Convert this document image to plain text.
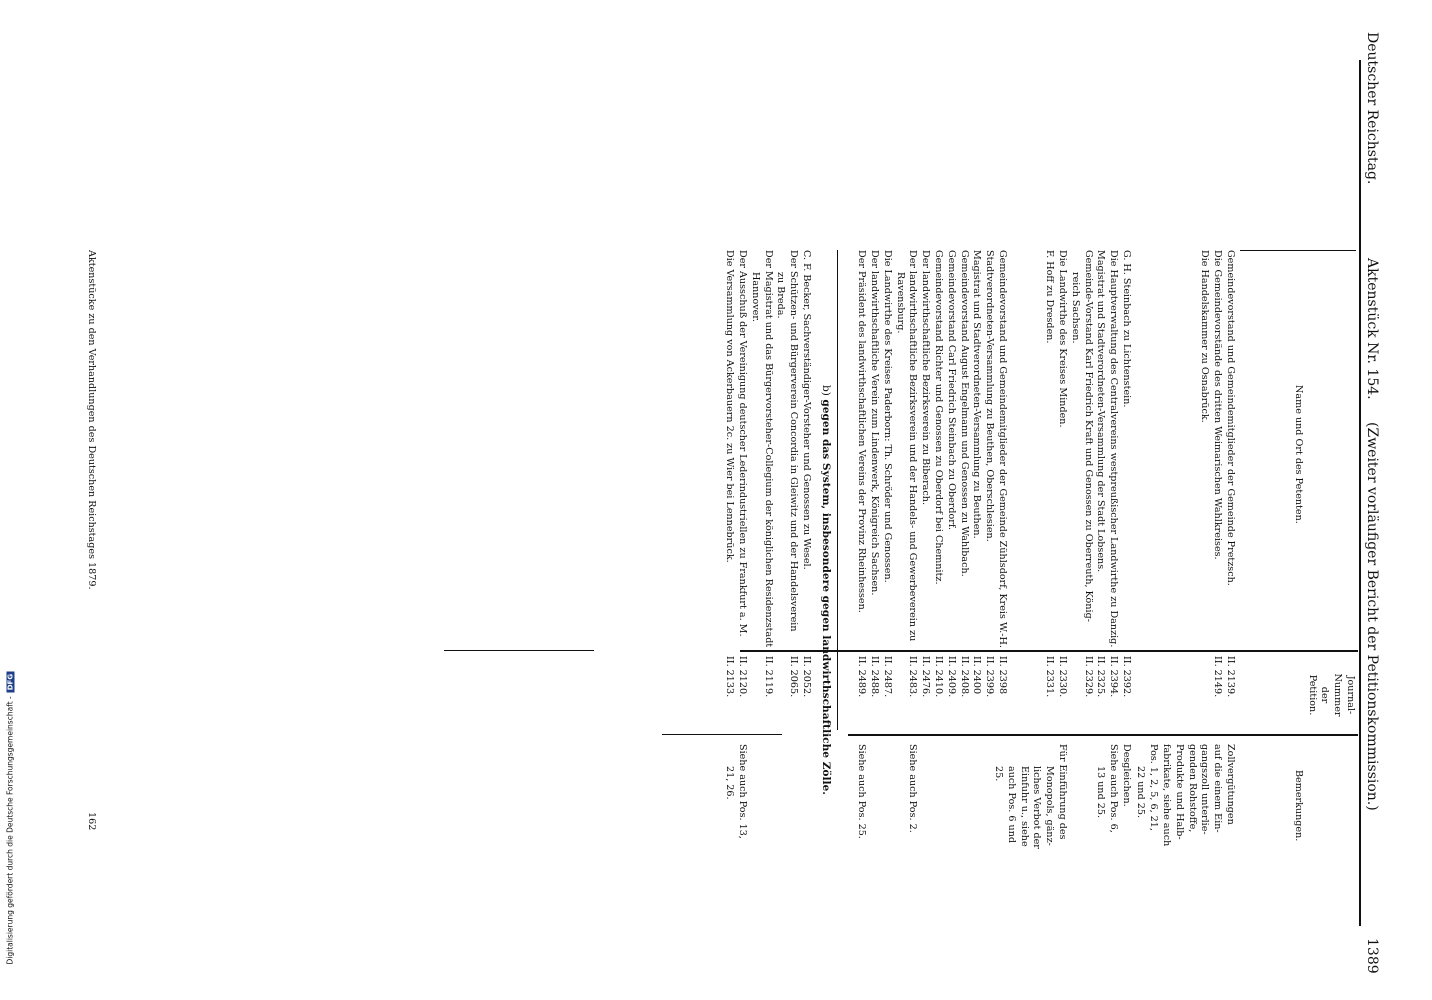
Deutscher Reichstag.
Aktenstück Nr. 154.
(Zweiter vorläufiger Bericht der Petitionskommission.)
1389
Name und Ort des Petenten.
Journal-
Nummer
der
Petition.
Bemerkungen.
Gemeindevorstand und Gemeindemitglieder der Gemeinde Pretzsch.
Die Gemeindevorstände des dritten Weimarischen Wahlkreises.
Die Handelskammer zu Osnabrück.
II. 2139.
II. 2149.
Zollvergütungen
auf die einem Ein-
gangszoll unterlie-
genden Rohstoffe,
Produkte und Halb-
fabrikate, siehe auch
Pos. 1, 2, 5, 6, 21,
22 und 25.
G. H. Steinbach zu Lichtenstein.
Die Hauptverwaltung des Centralvereins westpreußischer Landwirthe zu Danzig.
Magistrat und Stadtverordneten-Versammlung der Stadt Lobsens.
Gemeinde-Vorstand Karl Friedrich Kraft und Genossen zu Oberreuth, König-
reich Sachsen.
Die Landwirthe des Kreises Minden.
F. Hoff zu Dresden.
II. 2392.
II. 2394.
II. 2325.
II. 2329.
II. 2330.
II. 2331.
Desgleichen.
Siehe auch Pos. 6,
13 und 25.
Für Einführung des
Monopols, gänz-
liches Verbot der
Einfuhr u., siehe
auch Pos. 6 und 25.
Gemeindevorstand und Gemeindemitglieder der Gemeinde Zühlsdorf, Kreis W.-H.
Stadtverordneten-Versammlung zu Beuthen, Oberschlesien.
Magistrat und Stadtverordneten-Versammlung zu Beuthen.
Gemeindevorstand August Engelmann und Genossen zu Wahlbach.
Gemeindevorstand Carl Friedrich Steinbach zu Oberdorf.
Gemeindevorstand Richter und Genossen zu Oberdorf bei Chemnitz.
Der landwirthschaftliche Bezirksverein zu Biberach.
Der landwirthschaftliche Bezirksverein und der Handels- und Gewerbeverein zu
Ravensburg.
Die Landwirthe des Kreises Paderborn: Th. Schröder und Genossen.
Der landwirthschaftliche Verein zum Lindenwerk, Königreich Sachsen.
Der Präsident des landwirthschaftlichen Vereins der Provinz Rheinhessen.
II. 2398
II. 2399.
II. 2400
II. 2408.
II. 2409.
II. 2410.
II. 2476.
II. 2483.
II. 2487.
II. 2488.
II. 2489.
Siehe auch Pos. 2.
Siehe auch Pos. 25.
b) gegen das System, insbesondere gegen landwirthschaftliche Zölle.
C. F. Becker, Sachverständiger-Vorsteher und Genossen zu Wesel.
Der Schützen- und Bürgerverein Concordia in Gleiwitz und der Handelsverein
zu Breda.
Der Magistrat und das Bürgervorsteher-Collegium der königlichen Residenzstadt
Hannover.
Der Ausschuß der Vereinigung deutscher Lederindustriellen zu Frankfurt a. M.
Die Versammlung von Ackerbauern 2c. zu Wier bei Lennebrück.
II. 2052.
II. 2065.
II. 2119.
II. 2120.
II. 2133.
Siehe auch Pos. 13,
21, 26.
Aktenstücke zu den Verhandlungen des Deutschen Reichstages 1879.
162
Digitalisierung gefördert durch die Deutsche Forschungsgemeinschaft -DFG
